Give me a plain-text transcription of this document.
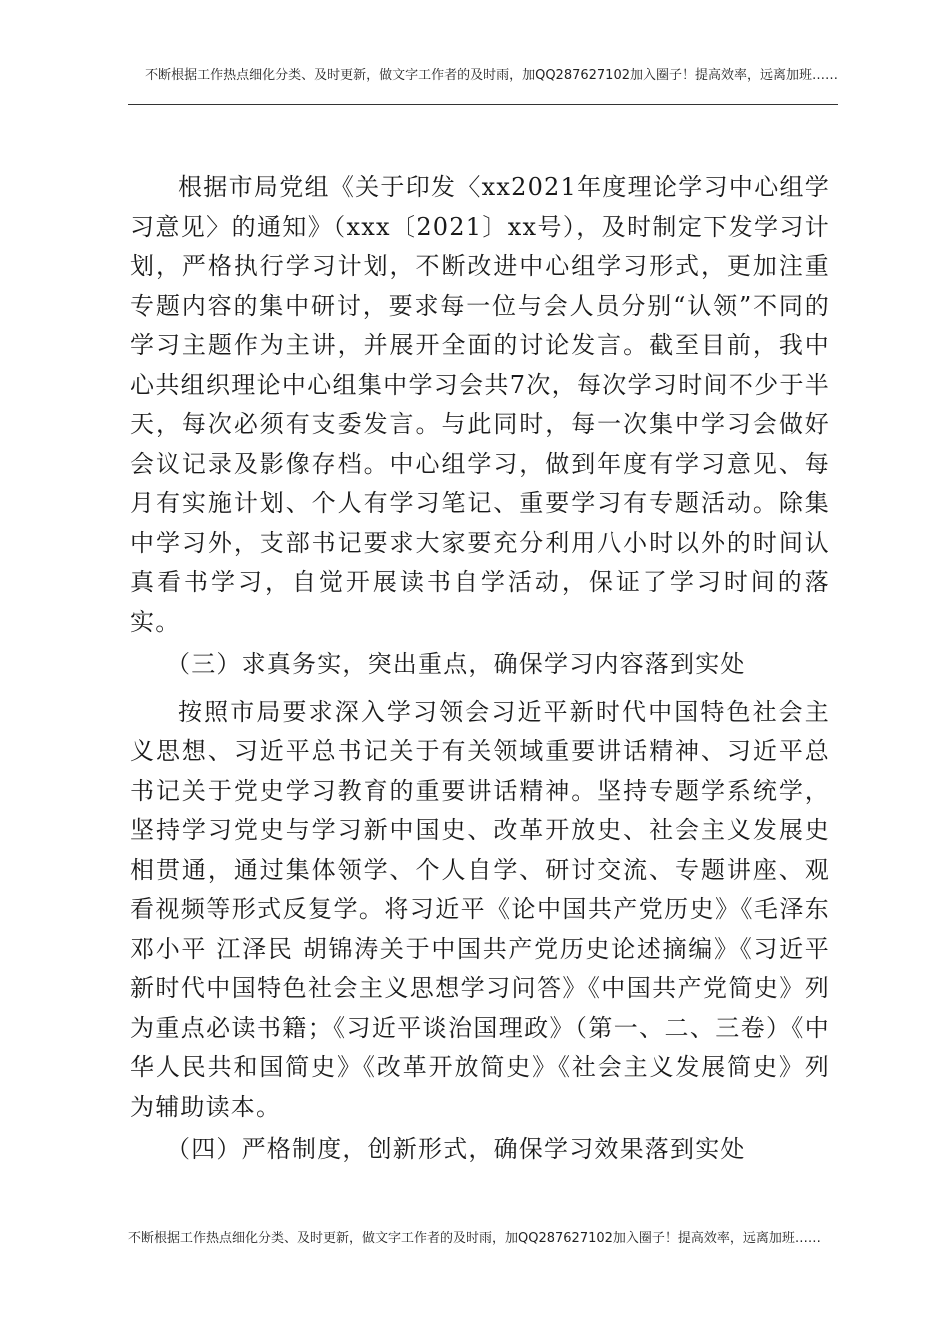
不断根据工作热点细化分类、及时更新，做文字工作者的及时雨，加QQ287627102加入圈子！提高效率，远离加班……

根据市局党组《关于印发〈xx2021年度理论学习中心组学习意见〉的通知》（xxx〔2021〕xx号），及时制定下发学习计划，严格执行学习计划，不断改进中心组学习形式，更加注重专题内容的集中研讨，要求每一位与会人员分别“认领”不同的学习主题作为主讲，并展开全面的讨论发言。截至目前，我中心共组织理论中心组集中学习会共7次，每次学习时间不少于半天，每次必须有支委发言。与此同时，每一次集中学习会做好会议记录及影像存档。中心组学习，做到年度有学习意见、每月有实施计划、个人有学习笔记、重要学习有专题活动。除集中学习外，支部书记要求大家要充分利用八小时以外的时间认真看书学习，自觉开展读书自学活动，保证了学习时间的落实。

（三）求真务实，突出重点，确保学习内容落到实处

按照市局要求深入学习领会习近平新时代中国特色社会主义思想、习近平总书记关于有关领域重要讲话精神、习近平总书记关于党史学习教育的重要讲话精神。坚持专题学系统学，坚持学习党史与学习新中国史、改革开放史、社会主义发展史相贯通，通过集体领学、个人自学、研讨交流、专题讲座、观看视频等形式反复学。将习近平《论中国共产党历史》《毛泽东 邓小平 江泽民 胡锦涛关于中国共产党历史论述摘编》《习近平新时代中国特色社会主义思想学习问答》《中国共产党简史》列为重点必读书籍；《习近平谈治国理政》（第一、二、三卷）《中华人民共和国简史》《改革开放简史》《社会主义发展简史》列为辅助读本。

（四）严格制度，创新形式，确保学习效果落到实处

不断根据工作热点细化分类、及时更新，做文字工作者的及时雨，加QQ287627102加入圈子！提高效率，远离加班……
